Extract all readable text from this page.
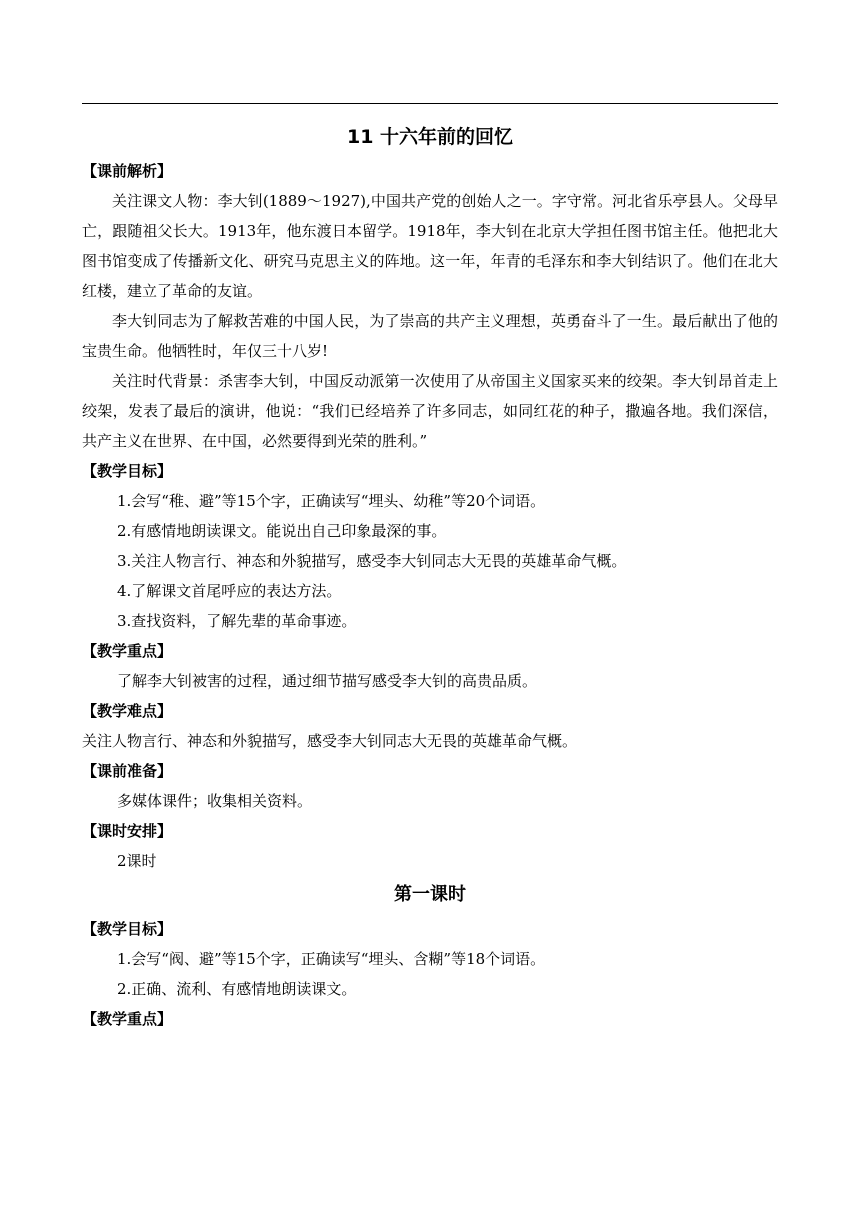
11 十六年前的回忆
【课前解析】

关注课文人物：李大钊(1889～1927),中国共产党的创始人之一。字守常。河北省乐亭县人。父母早亡，跟随祖父长大。1913年，他东渡日本留学。1918年，李大钊在北京大学担任图书馆主任。他把北大图书馆变成了传播新文化、研究马克思主义的阵地。这一年，年青的毛泽东和李大钊结识了。他们在北大红楼，建立了革命的友谊。

李大钊同志为了解救苦难的中国人民，为了崇高的共产主义理想，英勇奋斗了一生。最后献出了他的宝贵生命。他牺牲时，年仅三十八岁!

关注时代背景：杀害李大钊，中国反动派第一次使用了从帝国主义国家买来的绞架。李大钊昂首走上绞架，发表了最后的演讲，他说：“我们已经培养了许多同志，如同红花的种子，撒遍各地。我们深信，共产主义在世界、在中国，必然要得到光荣的胜利。”

【教学目标】
1.会写“稚、避”等15个字，正确读写“埋头、幼稚”等20个词语。
2.有感情地朗读课文。能说出自己印象最深的事。
3.关注人物言行、神态和外貌描写，感受李大钊同志大无畏的英雄革命气概。
4.了解课文首尾呼应的表达方法。
3.查找资料，了解先辈的革命事迹。
【教学重点】
了解李大钊被害的过程，通过细节描写感受李大钊的高贵品质。
【教学难点】

关注人物言行、神态和外貌描写，感受李大钊同志大无畏的英雄革命气概。

【课前准备】
多媒体课件；收集相关资料。
【课时安排】
2课时
第一课时
【教学目标】
1.会写“阀、避”等15个字，正确读写“埋头、含糊”等18个词语。
2.正确、流利、有感情地朗读课文。
【教学重点】
